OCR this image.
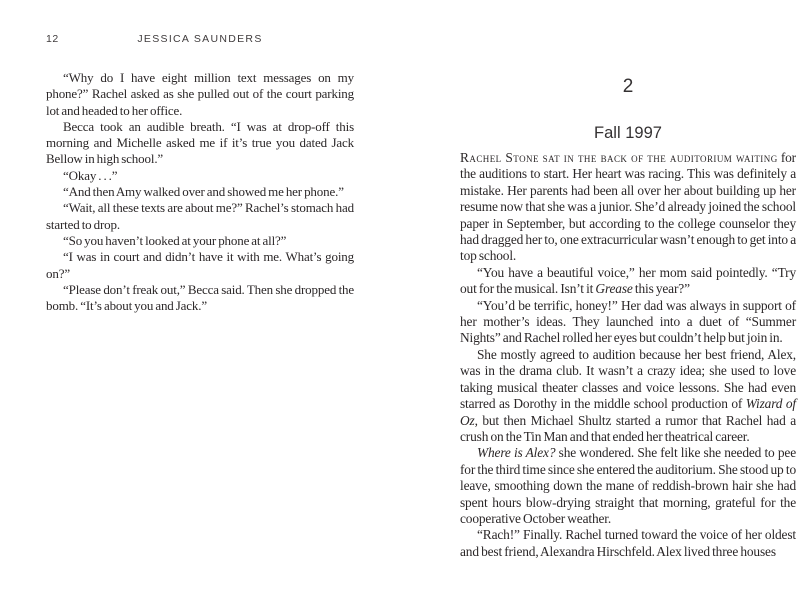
12	JESSICA SAUNDERS

“Why do I have eight million text messages on my phone?” Rachel asked as she pulled out of the court parking lot and headed to her office.

Becca took an audible breath. “I was at drop-off this morning and Michelle asked me if it’s true you dated Jack Bellow in high school.”

“Okay . . .”

“And then Amy walked over and showed me her phone.”

“Wait, all these texts are about me?” Rachel’s stomach had started to drop.

“So you haven’t looked at your phone at all?”

“I was in court and didn’t have it with me. What’s going on?”

“Please don’t freak out,” Becca said. Then she dropped the bomb. “It’s about you and Jack.”

2
Fall 1997

Rachel Stone sat in the back of the auditorium waiting for the auditions to start. Her heart was racing. This was definitely a mistake. Her parents had been all over her about building up her resume now that she was a junior. She’d already joined the school paper in September, but according to the college counselor they had dragged her to, one extracurricular wasn’t enough to get into a top school.

“You have a beautiful voice,” her mom said pointedly. “Try out for the musical. Isn’t it Grease this year?”

“You’d be terrific, honey!” Her dad was always in support of her mother’s ideas. They launched into a duet of “Summer Nights” and Rachel rolled her eyes but couldn’t help but join in.

She mostly agreed to audition because her best friend, Alex, was in the drama club. It wasn’t a crazy idea; she used to love taking musical theater classes and voice lessons. She had even starred as Dorothy in the middle school production of Wizard of Oz, but then Michael Shultz started a rumor that Rachel had a crush on the Tin Man and that ended her theatrical career.

Where is Alex? she wondered. She felt like she needed to pee for the third time since she entered the auditorium. She stood up to leave, smoothing down the mane of reddish-brown hair she had spent hours blow-drying straight that morning, grateful for the cooperative October weather.

“Rach!” Finally. Rachel turned toward the voice of her oldest and best friend, Alexandra Hirschfeld. Alex lived three houses
